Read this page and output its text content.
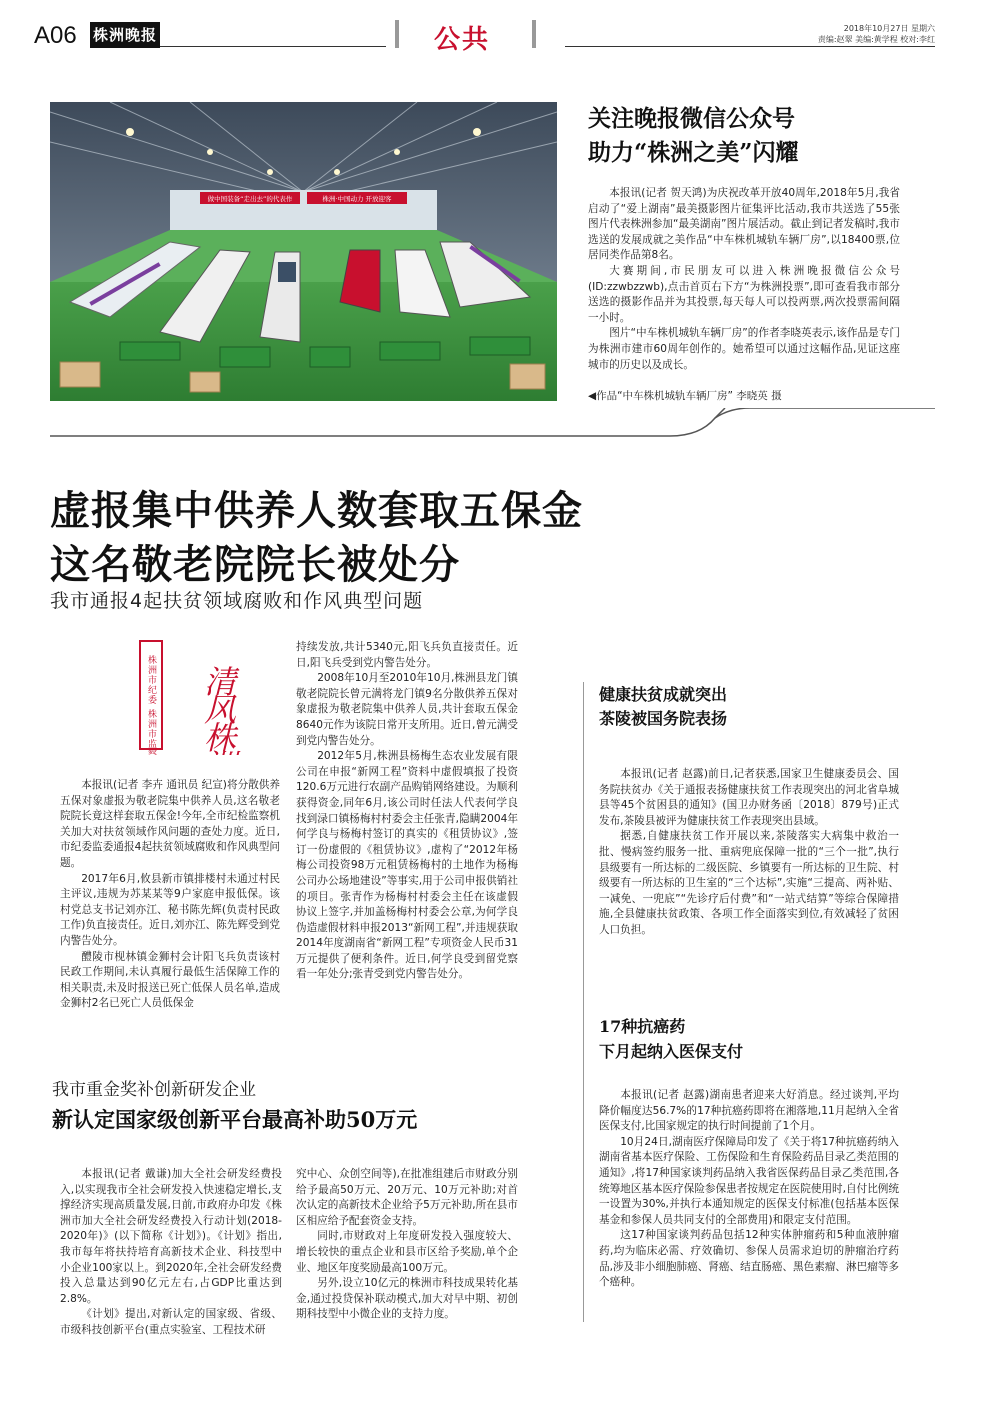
A06 株洲晚报	公共	2018年10月27日 星期六
责编:赵翠 美编:黄学程 校对:李红
做中国装备“走出去”的代表作	株洲·中国动力 开放迎客
◀作品“中车株机城轨车辆厂房” 李晓英 摄
关注晚报微信公众号
助力“株洲之美”闪耀

本报讯(记者 贺天鸿)为庆祝改革开放40周年,2018年5月,我省启动了“爱上湖南”最美摄影图片征集评比活动,我市共送选了55张图片代表株洲参加“最美湖南”图片展活动。截止到记者发稿时,我市选送的发展成就之美作品“中车株机城轨车辆厂房”,以18400票,位居同类作品第8名。

大赛期间,市民朋友可以进入株洲晚报微信公众号(ID:zzwbzzwb),点击首页右下方“为株洲投票”,即可查看我市部分送选的摄影作品并为其投票,每天每人可以投两票,两次投票需间隔一小时。

图片“中车株机城轨车辆厂房”的作者李晓英表示,该作品是专门为株洲市建市60周年创作的。她希望可以通过这幅作品,见证这座城市的历史以及成长。

虚报集中供养人数套取五保金
这名敬老院院长被处分
我市通报4起扶贫领域腐败和作风典型问题
株洲市纪委 株洲市监察委 清风株洲

本报讯(记者 李卉 通讯员 纪宣)将分散供养五保对象虚报为敬老院集中供养人员,这名敬老院院长竟这样套取五保金!今年,全市纪检监察机关加大对扶贫领域作风问题的查处力度。近日,市纪委监委通报4起扶贫领域腐败和作风典型问题。

2017年6月,攸县新市镇排楼村未通过村民主评议,违规为苏某某等9户家庭申报低保。该村党总支书记刘亦江、秘书陈先辉(负责村民政工作)负直接责任。近日,刘亦江、陈先辉受到党内警告处分。

醴陵市枧林镇金狮村会计阳飞兵负责该村民政工作期间,未认真履行最低生活保障工作的相关职责,未及时报送已死亡低保人员名单,造成金狮村2名已死亡人员低保金

持续发放,共计5340元,阳飞兵负直接责任。近日,阳飞兵受到党内警告处分。

2008年10月至2010年10月,株洲县龙门镇敬老院院长曾元满将龙门镇9名分散供养五保对象虚报为敬老院集中供养人员,共计套取五保金8640元作为该院日常开支所用。近日,曾元满受到党内警告处分。

2012年5月,株洲县杨梅生态农业发展有限公司在申报“新网工程”资料中虚假填报了投资120.6万元进行农副产品购销网络建设。为顺利获得资金,同年6月,该公司时任法人代表何学良找到渌口镇杨梅村村委会主任张青,隐瞒2004年何学良与杨梅村签订的真实的《租赁协议》,签订一份虚假的《租赁协议》,虚构了“2012年杨梅公司投资98万元租赁杨梅村的土地作为杨梅公司办公场地建设”等事实,用于公司申报供销社的项目。张青作为杨梅村村委会主任在该虚假协议上签字,并加盖杨梅村村委会公章,为何学良伪造虚假材料申报2013“新网工程”,并违规获取2014年度湖南省“新网工程”专项资金人民币31万元提供了便利条件。近日,何学良受到留党察看一年处分;张青受到党内警告处分。

健康扶贫成就突出
茶陵被国务院表扬

本报讯(记者 赵露)前日,记者获悉,国家卫生健康委员会、国务院扶贫办《关于通报表扬健康扶贫工作表现突出的河北省阜城县等45个贫困县的通知》(国卫办财务函〔2018〕879号)正式发布,茶陵县被评为健康扶贫工作表现突出县域。

据悉,自健康扶贫工作开展以来,茶陵落实大病集中救治一批、慢病签约服务一批、重病兜底保障一批的“三个一批”,执行县级要有一所达标的二级医院、乡镇要有一所达标的卫生院、村级要有一所达标的卫生室的“三个达标”,实施“三提高、两补贴、一减免、一兜底”“先诊疗后付费”和“一站式结算”等综合保障措施,全县健康扶贫政策、各项工作全面落实到位,有效减轻了贫困人口负担。

17种抗癌药
下月起纳入医保支付

本报讯(记者 赵露)湖南患者迎来大好消息。经过谈判,平均降价幅度达56.7%的17种抗癌药即将在湘落地,11月起纳入全省医保支付,比国家规定的执行时间提前了1个月。

10月24日,湖南医疗保障局印发了《关于将17种抗癌药纳入湖南省基本医疗保险、工伤保险和生育保险药品目录乙类范围的通知》,将17种国家谈判药品纳入我省医保药品目录乙类范围,各统筹地区基本医疗保险参保患者按规定在医院使用时,自付比例统一设置为30%,并执行本通知规定的医保支付标准(包括基本医保基金和参保人员共同支付的全部费用)和限定支付范围。

这17种国家谈判药品包括12种实体肿瘤药和5种血液肿瘤药,均为临床必需、疗效确切、参保人员需求迫切的肿瘤治疗药品,涉及非小细胞肺癌、肾癌、结直肠癌、黑色素瘤、淋巴瘤等多个癌种。

我市重金奖补创新研发企业
新认定国家级创新平台最高补助50万元

本报讯(记者 戴谦)加大全社会研发经费投入,以实现我市全社会研发投入快速稳定增长,支撑经济实现高质量发展,日前,市政府办印发《株洲市加大全社会研发经费投入行动计划(2018-2020年)》(以下简称《计划》)。《计划》指出,我市每年将扶持培育高新技术企业、科技型中小企业100家以上。到2020年,全社会研发经费投入总量达到90亿元左右,占GDP比重达到2.8%。

《计划》提出,对新认定的国家级、省级、市级科技创新平台(重点实验室、工程技术研

究中心、众创空间等),在批准组建后市财政分别给予最高50万元、20万元、10万元补助;对首次认定的高新技术企业给予5万元补助,所在县市区相应给予配套资金支持。

同时,市财政对上年度研发投入强度较大、增长较快的重点企业和县市区给予奖励,单个企业、地区年度奖励最高100万元。

另外,设立10亿元的株洲市科技成果转化基金,通过投贷保补联动模式,加大对早中期、初创期科技型中小微企业的支持力度。
